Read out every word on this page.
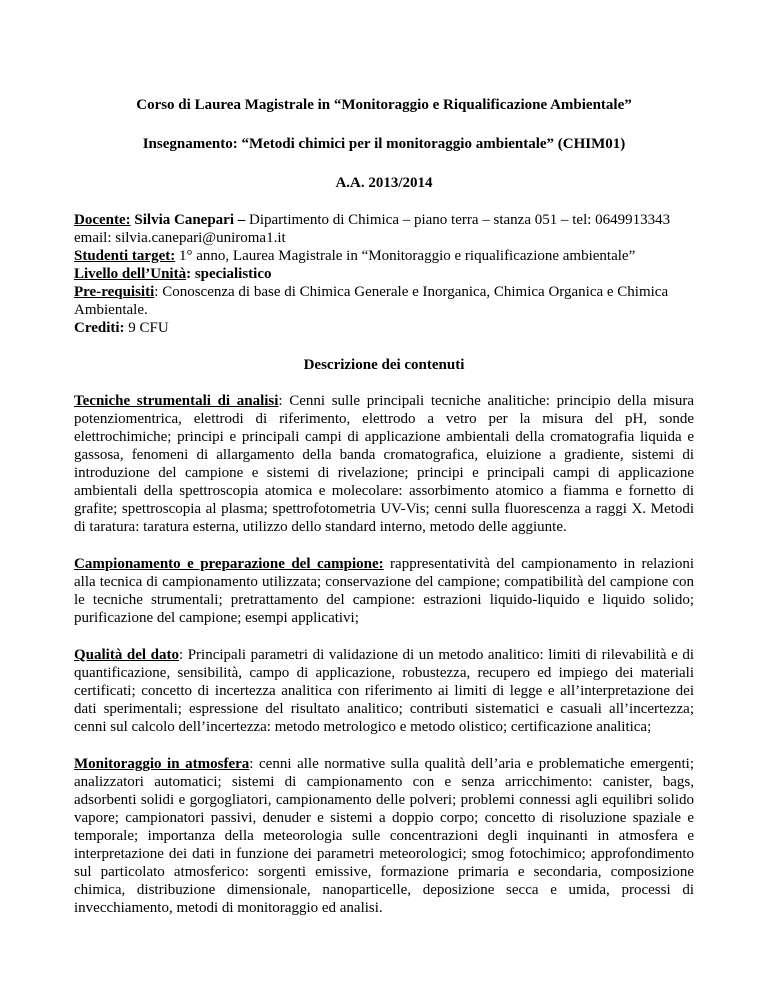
Corso di Laurea Magistrale in “Monitoraggio e Riqualificazione Ambientale”
Insegnamento: “Metodi chimici per il monitoraggio ambientale” (CHIM01)
A.A. 2013/2014
Docente: Silvia Canepari – Dipartimento di Chimica – piano terra – stanza 051 – tel: 0649913343
email: silvia.canepari@uniroma1.it
Studenti target: 1° anno, Laurea Magistrale in “Monitoraggio e riqualificazione ambientale”
Livello dell’Unità: specialistico
Pre-requisiti: Conoscenza di base di Chimica Generale e Inorganica, Chimica Organica e Chimica Ambientale.
Crediti: 9 CFU
Descrizione dei contenuti

Tecniche strumentali di analisi: Cenni sulle principali tecniche analitiche: principio della misura potenziomentrica, elettrodi di riferimento, elettrodo a vetro per la misura del pH, sonde elettrochimiche; principi e principali campi di applicazione ambientali della cromatografia liquida e gassosa, fenomeni di allargamento della banda cromatografica, eluizione a gradiente, sistemi di introduzione del campione e sistemi di rivelazione; principi e principali campi di applicazione ambientali della spettroscopia atomica e molecolare: assorbimento atomico a fiamma e fornetto di grafite; spettroscopia al plasma; spettrofotometria UV-Vis; cenni sulla fluorescenza a raggi X. Metodi di taratura: taratura esterna, utilizzo dello standard interno, metodo delle aggiunte.

Campionamento e preparazione del campione: rappresentatività del campionamento in relazioni alla tecnica di campionamento utilizzata; conservazione del campione; compatibilità del campione con le tecniche strumentali; pretrattamento del campione: estrazioni liquido-liquido e liquido solido; purificazione del campione; esempi applicativi;

Qualità del dato: Principali parametri di validazione di un metodo analitico: limiti di rilevabilità e di quantificazione, sensibilità, campo di applicazione, robustezza, recupero ed impiego dei materiali certificati; concetto di incertezza analitica con riferimento ai limiti di legge e all’interpretazione dei dati sperimentali; espressione del risultato analitico; contributi sistematici e casuali all’incertezza; cenni sul calcolo dell’incertezza: metodo metrologico e metodo olistico; certificazione analitica;

Monitoraggio in atmosfera: cenni alle normative sulla qualità dell’aria e problematiche emergenti; analizzatori automatici; sistemi di campionamento con e senza arricchimento: canister, bags, adsorbenti solidi e gorgogliatori, campionamento delle polveri; problemi connessi agli equilibri solido vapore; campionatori passivi, denuder e sistemi a doppio corpo; concetto di risoluzione spaziale e temporale; importanza della meteorologia sulle concentrazioni degli inquinanti in atmosfera e interpretazione dei dati in funzione dei parametri meteorologici; smog fotochimico; approfondimento sul particolato atmosferico: sorgenti emissive, formazione primaria e secondaria, composizione chimica, distribuzione dimensionale, nanoparticelle, deposizione secca e umida, processi di invecchiamento, metodi di monitoraggio ed analisi.
